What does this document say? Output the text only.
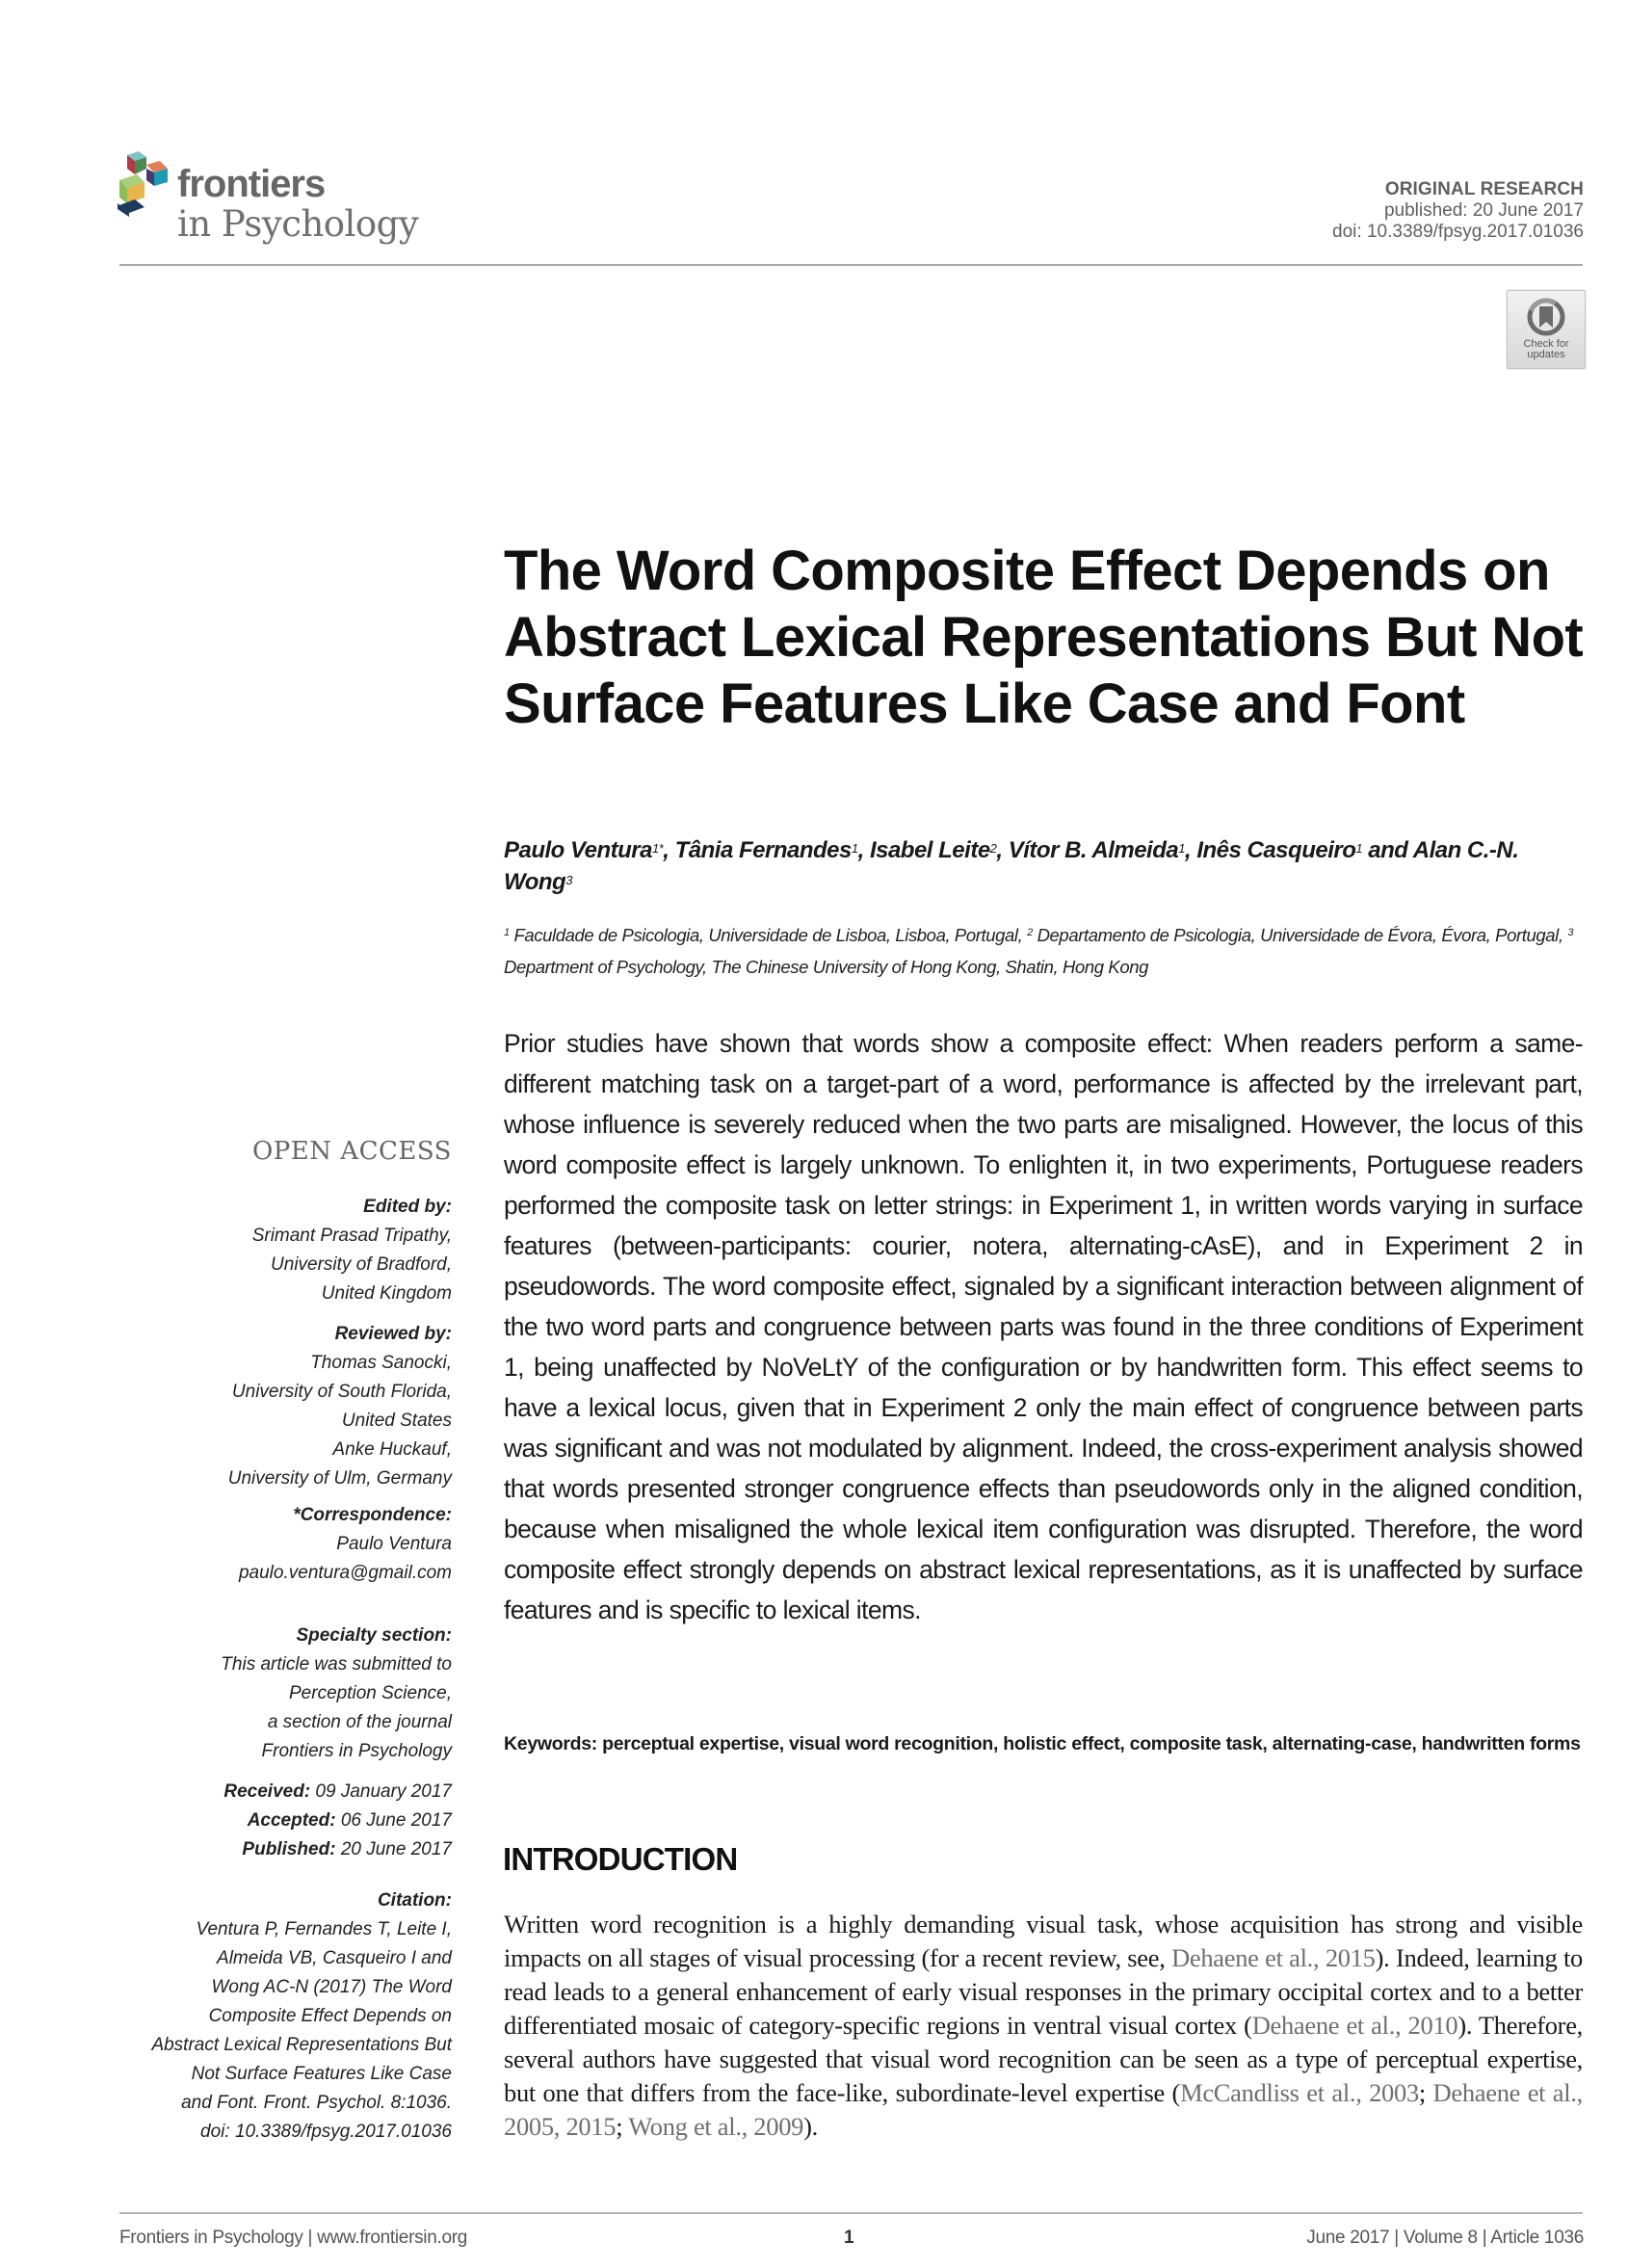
frontiers
in Psychology
ORIGINAL RESEARCH
published: 20 June 2017
doi: 10.3389/fpsyg.2017.01036
Check for
updates
The Word Composite Effect Depends on Abstract Lexical Representations But Not Surface Features Like Case and Font
Paulo Ventura$^{1*}$, Tânia Fernandes$^1$, Isabel Leite$^2$, Vítor B. Almeida$^1$, Inês Casqueiro$^1$ and Alan C.-N. Wong$^3$
$^1$ Faculdade de Psicologia, Universidade de Lisboa, Lisboa, Portugal, $^2$ Departamento de Psicologia, Universidade de Évora, Évora, Portugal, $^3$ Department of Psychology, The Chinese University of Hong Kong, Shatin, Hong Kong

Prior studies have shown that words show a composite effect: When readers perform a same-different matching task on a target-part of a word, performance is affected by the irrelevant part, whose influence is severely reduced when the two parts are misaligned. However, the locus of this word composite effect is largely unknown. To enlighten it, in two experiments, Portuguese readers performed the composite task on letter strings: in Experiment 1, in written words varying in surface features (between-participants: courier, notera, alternating-cAsE), and in Experiment 2 in pseudowords. The word composite effect, signaled by a significant interaction between alignment of the two word parts and congruence between parts was found in the three conditions of Experiment 1, being unaffected by NoVeLtY of the configuration or by handwritten form. This effect seems to have a lexical locus, given that in Experiment 2 only the main effect of congruence between parts was significant and was not modulated by alignment. Indeed, the cross-experiment analysis showed that words presented stronger congruence effects than pseudowords only in the aligned condition, because when misaligned the whole lexical item configuration was disrupted. Therefore, the word composite effect strongly depends on abstract lexical representations, as it is unaffected by surface features and is specific to lexical items.

Keywords: perceptual expertise, visual word recognition, holistic effect, composite task, alternating-case, handwritten forms
INTRODUCTION

Written word recognition is a highly demanding visual task, whose acquisition has strong and visible impacts on all stages of visual processing (for a recent review, see, Dehaene et al., 2015). Indeed, learning to read leads to a general enhancement of early visual responses in the primary occipital cortex and to a better differentiated mosaic of category-specific regions in ventral visual cortex (Dehaene et al., 2010). Therefore, several authors have suggested that visual word recognition can be seen as a type of perceptual expertise, but one that differs from the face-like, subordinate-level expertise (McCandliss et al., 2003; Dehaene et al., 2005, 2015; Wong et al., 2009).

OPEN ACCESS
Edited by:
Srimant Prasad Tripathy,
University of Bradford,
United Kingdom
Reviewed by:
Thomas Sanocki,
University of South Florida,
United States
Anke Huckauf,
University of Ulm, Germany
*Correspondence:
Paulo Ventura
paulo.ventura@gmail.com
Specialty section:
This article was submitted to
Perception Science,
a section of the journal
Frontiers in Psychology
Received: 09 January 2017
Accepted: 06 June 2017
Published: 20 June 2017
Citation:
Ventura P, Fernandes T, Leite I,
Almeida VB, Casqueiro I and
Wong AC-N (2017) The Word
Composite Effect Depends on
Abstract Lexical Representations But
Not Surface Features Like Case
and Font. Front. Psychol. 8:1036.
doi: 10.3389/fpsyg.2017.01036
Frontiers in Psychology | www.frontiersin.org	1	June 2017 | Volume 8 | Article 1036
